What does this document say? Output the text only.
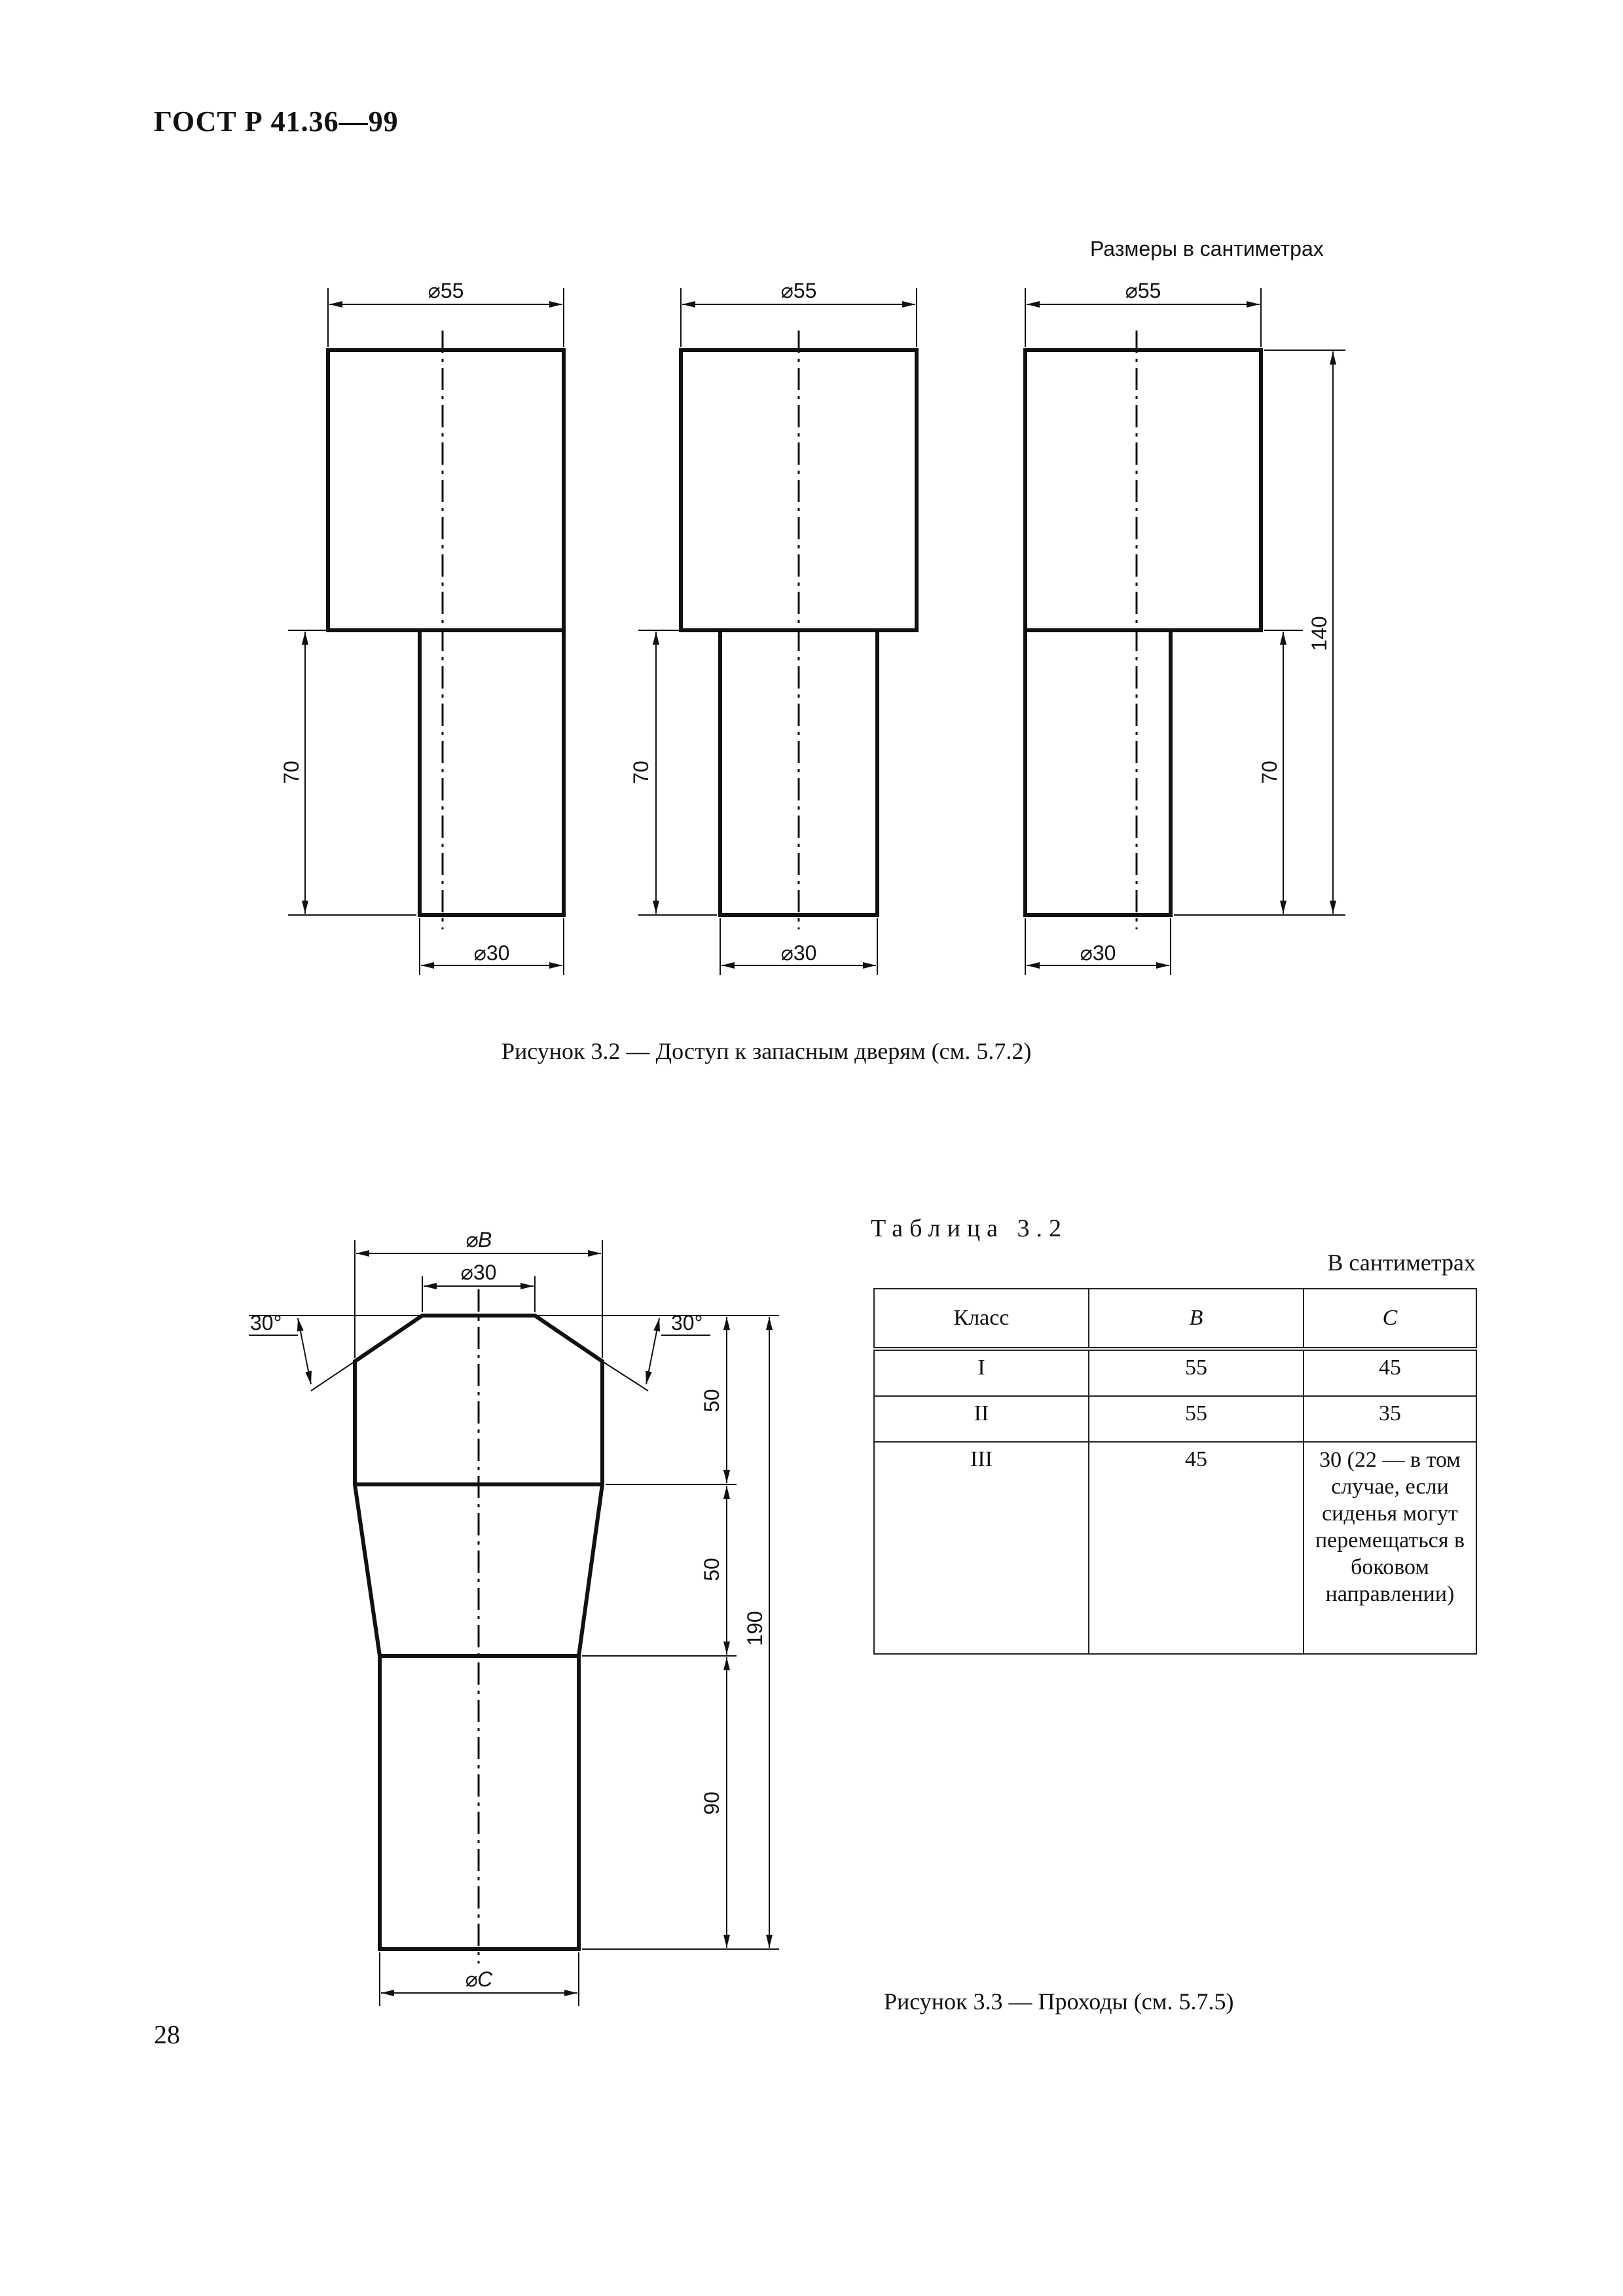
ГОСТ Р 41.36—99
Размеры в сантиметрах
⌀55
70
⌀30
⌀55
70
⌀30
⌀55
70
140
⌀30
Рисунок 3.2 — Доступ к запасным дверям (см. 5.7.2)
⌀B
⌀30
30°	30°
50
50
90
190
⌀C
Таблица 3.2
В сантиметрах
Класс	B	C
I	55	45
II	55	35
III	45	30 (22 — в том случае, если сиденья могут перемещаться в боковом направлении)
Рисунок 3.3 — Проходы (см. 5.7.5)
28
